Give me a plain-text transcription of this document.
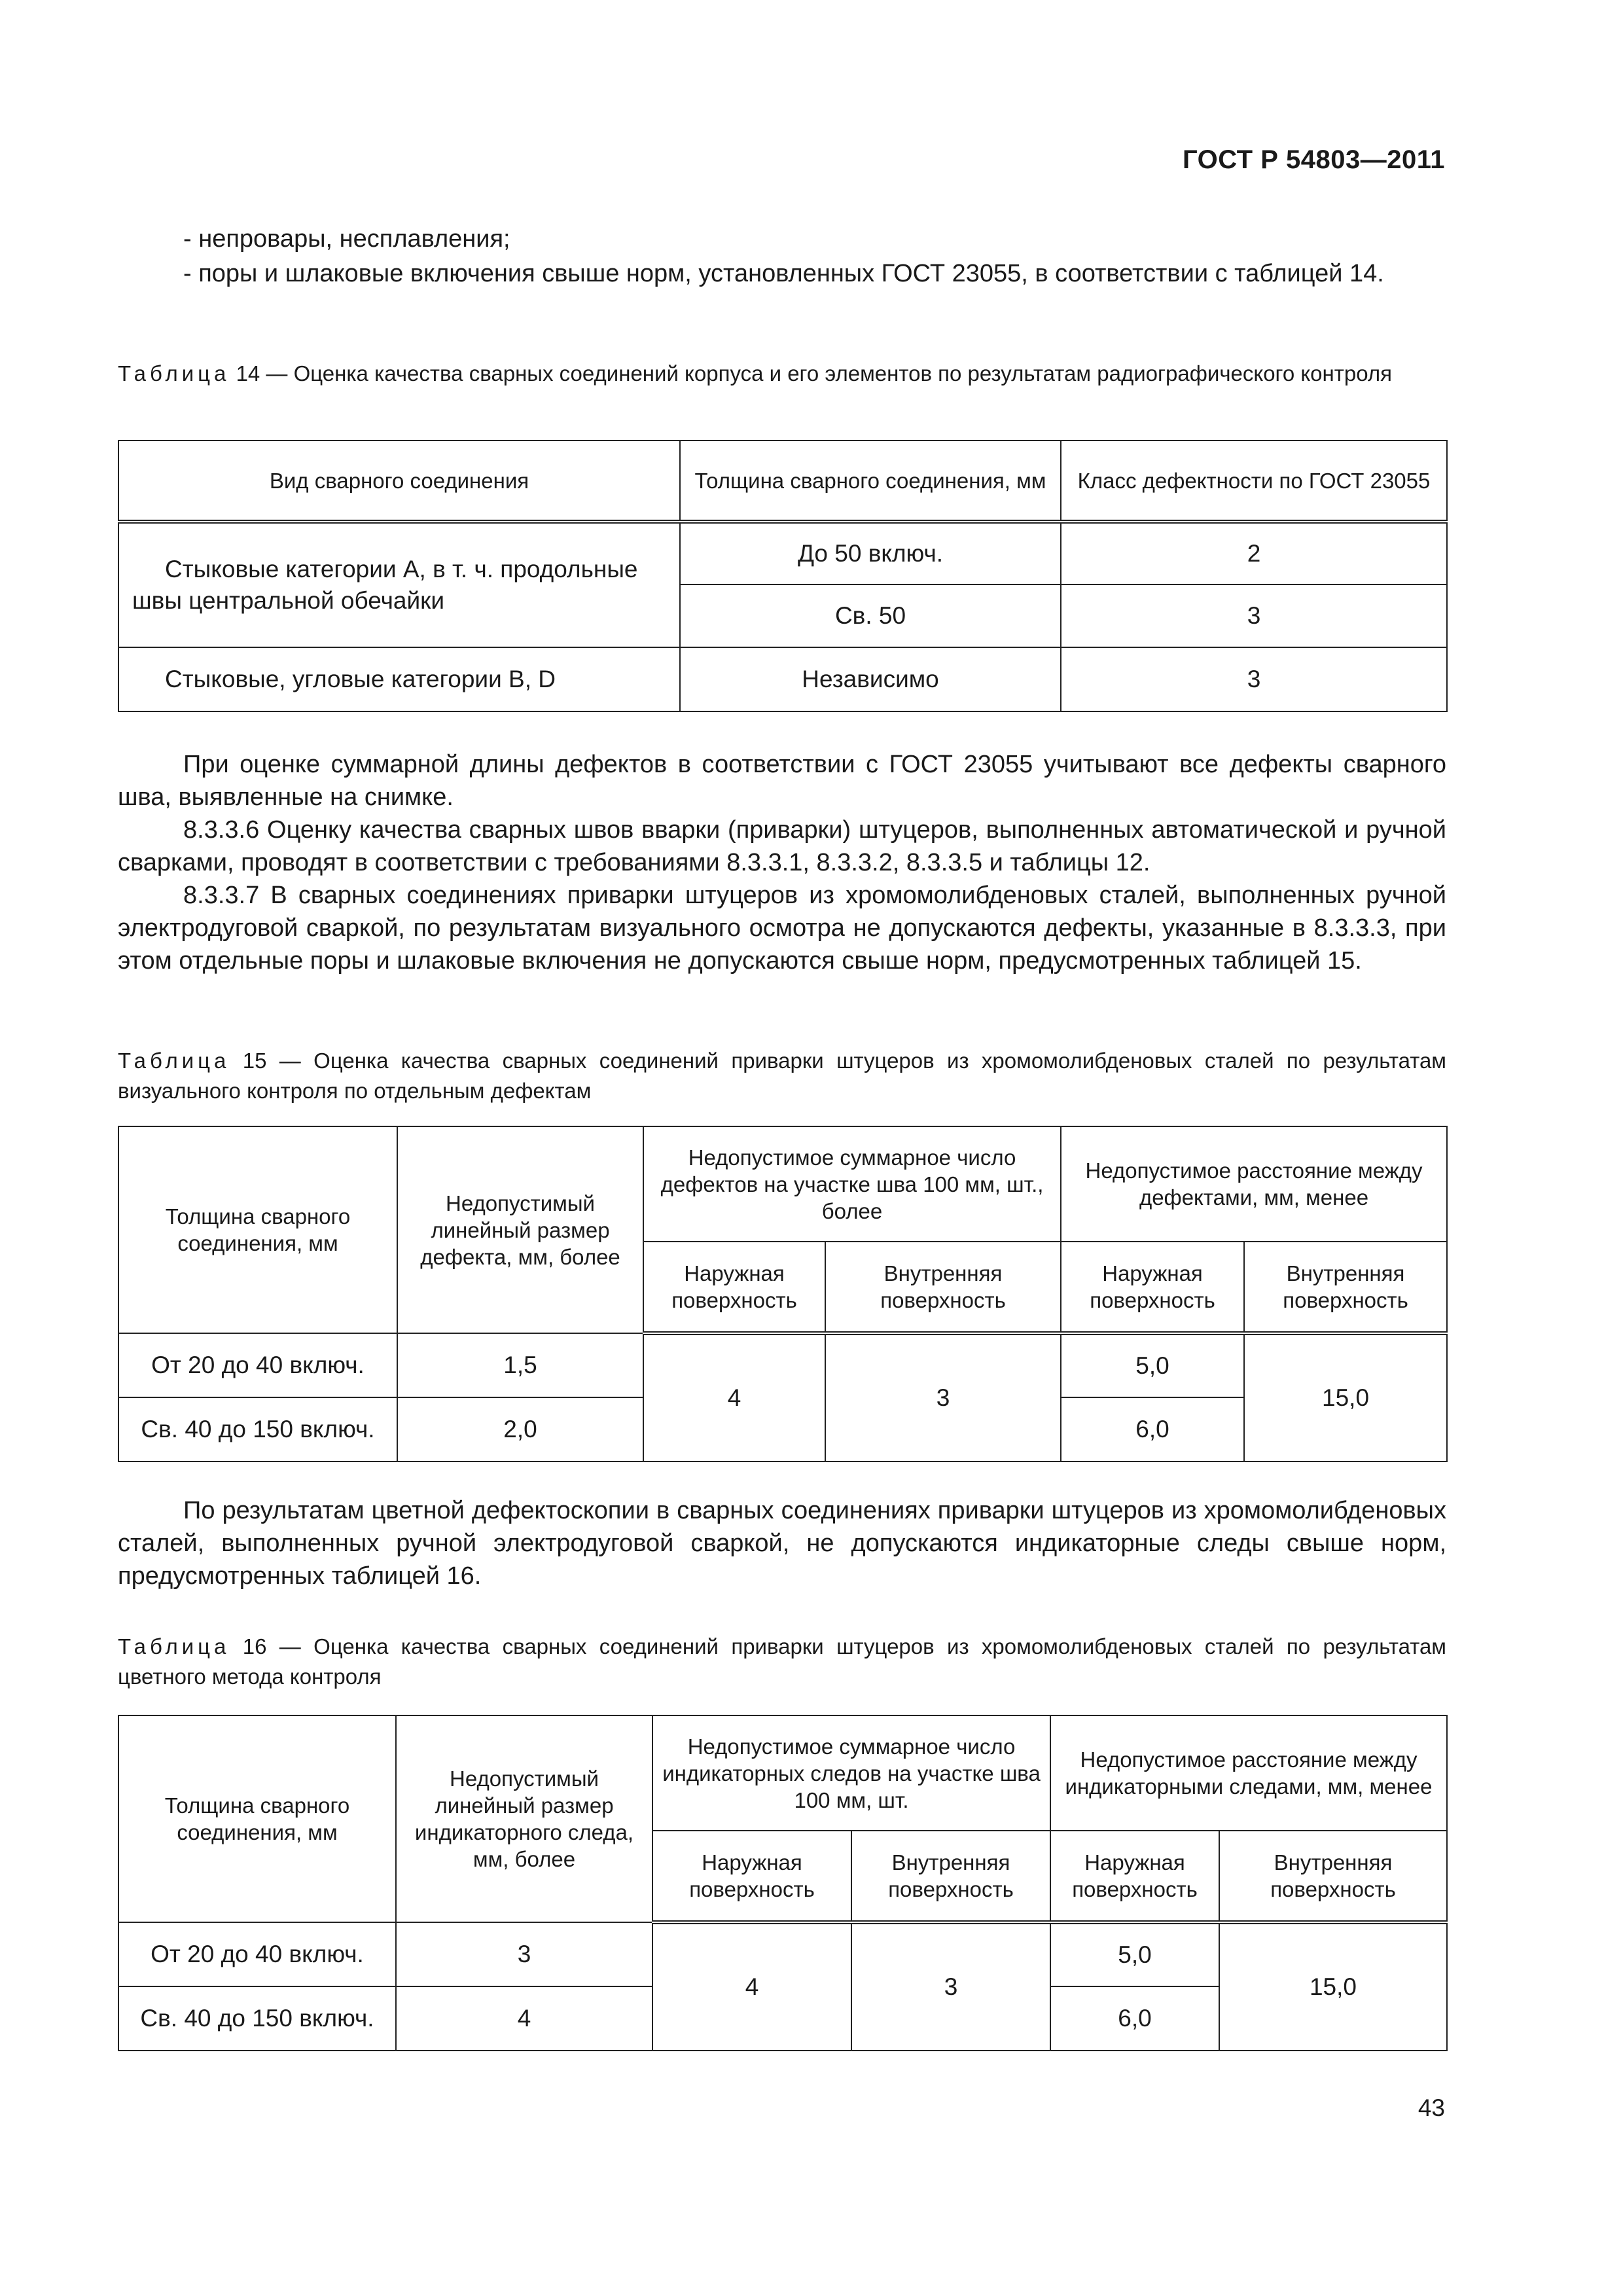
ГОСТ Р 54803—2011
- непровары, несплавления;
- поры и шлаковые включения свыше норм, установленных ГОСТ 23055, в соответствии с таблицей 14.
Таблица 14 — Оценка качества сварных соединений корпуса и его элементов по результатам радиографического контроля
Вид сварного соединения	Толщина сварного соединения, мм	Класс дефектности по ГОСТ 23055
Стыковые категории А, в т. ч. продольные швы центральной обечайки	До 50 включ.	2
	Св. 50	3
Стыковые, угловые категории В, D	Независимо	3
При оценке суммарной длины дефектов в соответствии с ГОСТ 23055 учитывают все дефекты сварного шва, выявленные на снимке.
8.3.3.6 Оценку качества сварных швов вварки (приварки) штуцеров, выполненных автоматической и ручной сварками, проводят в соответствии с требованиями 8.3.3.1, 8.3.3.2, 8.3.3.5 и таблицы 12.
8.3.3.7 В сварных соединениях приварки штуцеров из хромомолибденовых сталей, выполненных ручной электродуговой сваркой, по результатам визуального осмотра не допускаются дефекты, указанные в 8.3.3.3, при этом отдельные поры и шлаковые включения не допускаются свыше норм, предусмотренных таблицей 15.
Таблица 15 — Оценка качества сварных соединений приварки штуцеров из хромомолибденовых сталей по результатам визуального контроля по отдельным дефектам
Толщина сварного соединения, мм	Недопустимый линейный размер дефекта, мм, более	Недопустимое суммарное число дефектов на участке шва 100 мм, шт., более		Недопустимое расстояние между дефектами, мм, менее	
		Наружная поверхность	Внутренняя поверхность	Наружная поверхность	Внутренняя поверхность
От 20 до 40 включ.	1,5	4	3	5,0	15,0
Св. 40 до 150 включ.	2,0			6,0	
По результатам цветной дефектоскопии в сварных соединениях приварки штуцеров из хромомолибденовых сталей, выполненных ручной электродуговой сваркой, не допускаются индикаторные следы свыше норм, предусмотренных таблицей 16.
Таблица 16 — Оценка качества сварных соединений приварки штуцеров из хромомолибденовых сталей по результатам цветного метода контроля
Толщина сварного соединения, мм	Недопустимый линейный размер индикаторного следа, мм, более	Недопустимое суммарное число индикаторных следов на участке шва 100 мм, шт.		Недопустимое расстояние между индикаторными следами, мм, менее	
		Наружная поверхность	Внутренняя поверхность	Наружная поверхность	Внутренняя поверхность
От 20 до 40 включ.	3	4	3	5,0	15,0
Св. 40 до 150 включ.	4			6,0	
43
